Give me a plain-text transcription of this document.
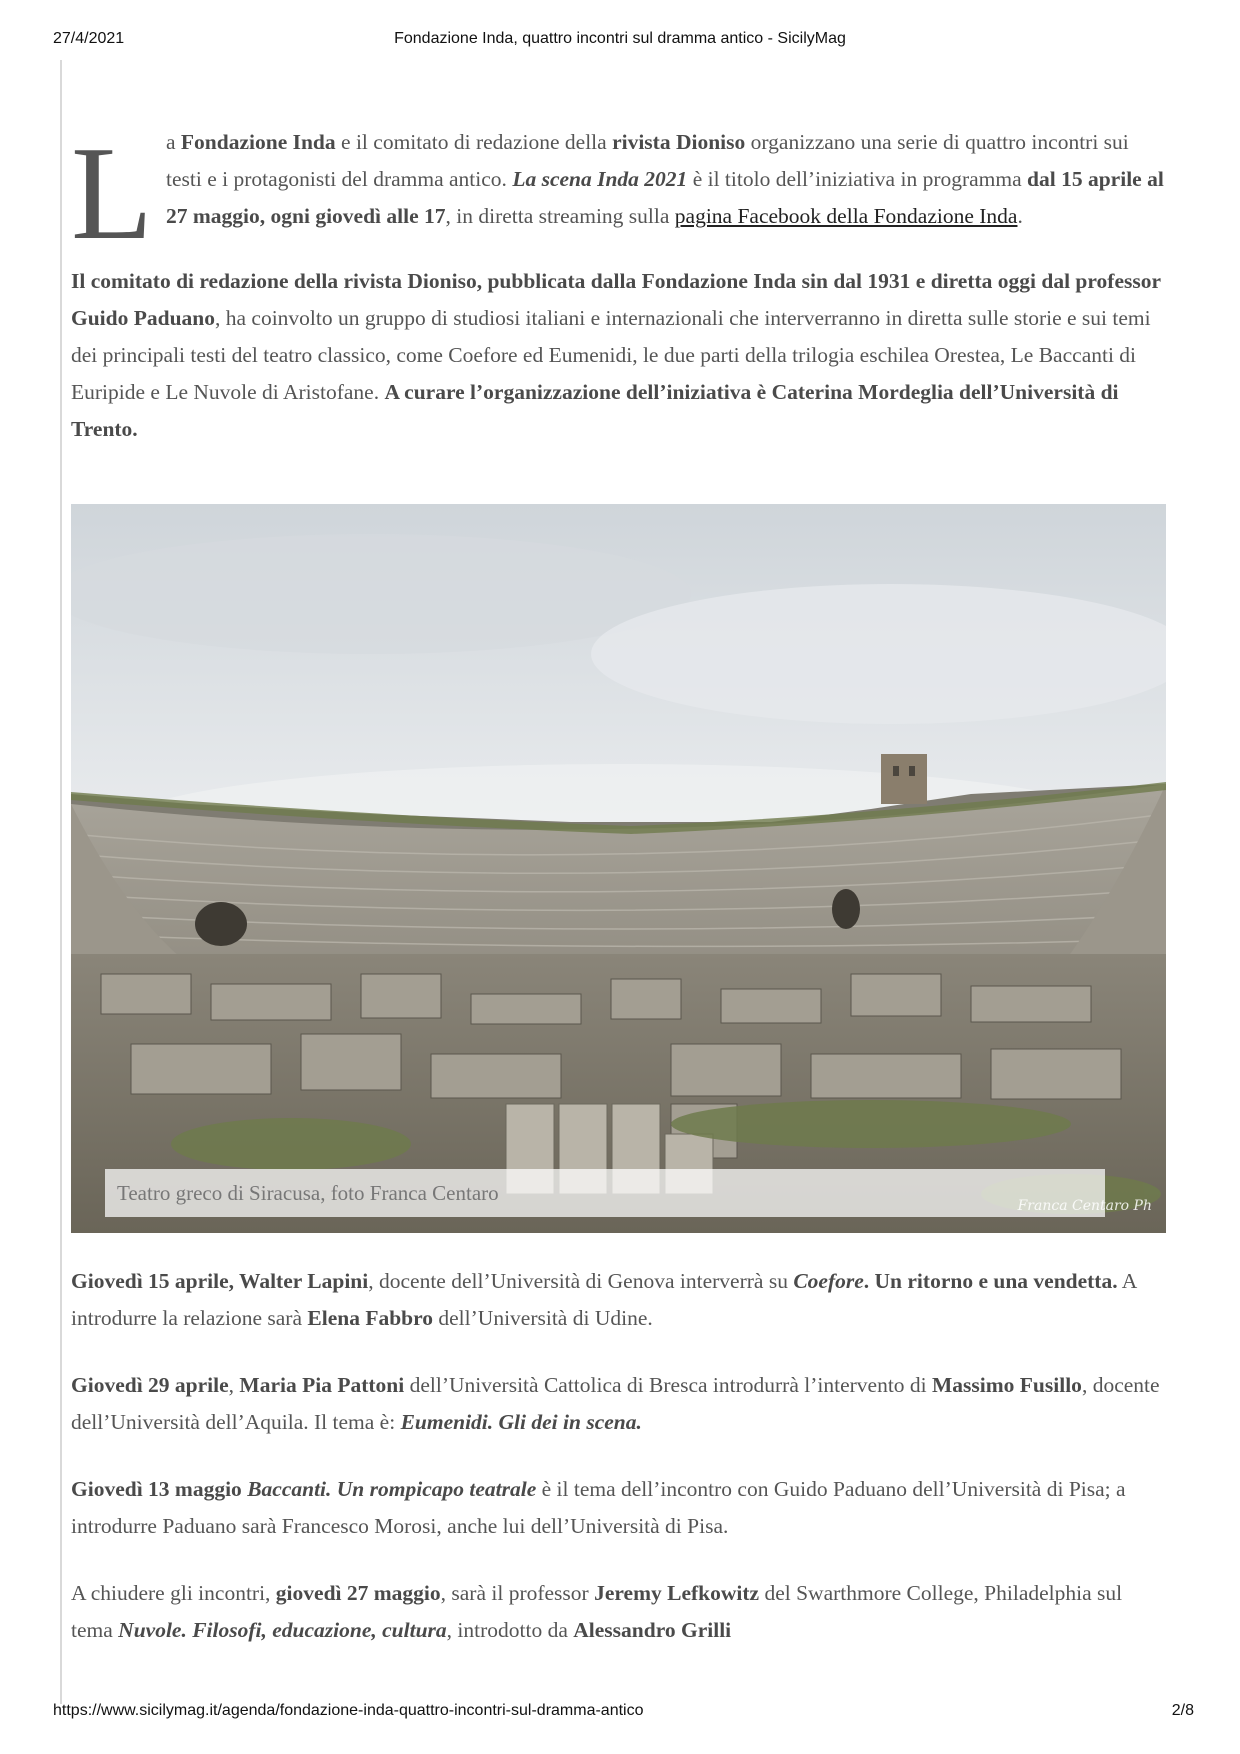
27/4/2021	Fondazione Inda, quattro incontri sul dramma antico - SicilyMag
L a Fondazione Inda e il comitato di redazione della rivista Dioniso organizzano una serie di quattro incontri sui testi e i protagonisti del dramma antico. La scena Inda 2021 è il titolo dell’iniziativa in programma dal 15 aprile al 27 maggio, ogni giovedì alle 17, in diretta streaming sulla pagina Facebook della Fondazione Inda.

Il comitato di redazione della rivista Dioniso, pubblicata dalla Fondazione Inda sin dal 1931 e diretta oggi dal professor Guido Paduano, ha coinvolto un gruppo di studiosi italiani e internazionali che interverranno in diretta sulle storie e sui temi dei principali testi del teatro classico, come Coefore ed Eumenidi, le due parti della trilogia eschilea Orestea, Le Baccanti di Euripide e Le Nuvole di Aristofane. A curare l’organizzazione dell’iniziativa è Caterina Mordeglia dell’Università di Trento.

Teatro greco di Siracusa, foto Franca Centaro
Franca Centaro Ph

Giovedì 15 aprile, Walter Lapini, docente dell’Università di Genova interverrà su Coefore. Un ritorno e una vendetta. A introdurre la relazione sarà Elena Fabbro dell’Università di Udine.

Giovedì 29 aprile, Maria Pia Pattoni dell’Università Cattolica di Bresca introdurrà l’intervento di Massimo Fusillo, docente dell’Università dell’Aquila. Il tema è: Eumenidi. Gli dei in scena.

Giovedì 13 maggio Baccanti. Un rompicapo teatrale è il tema dell’incontro con Guido Paduano dell’Università di Pisa; a introdurre Paduano sarà Francesco Morosi, anche lui dell’Università di Pisa.

A chiudere gli incontri, giovedì 27 maggio, sarà il professor Jeremy Lefkowitz del Swarthmore College, Philadelphia sul tema Nuvole. Filosofi, educazione, cultura, introdotto da Alessandro Grilli

https://www.sicilymag.it/agenda/fondazione-inda-quattro-incontri-sul-dramma-antico	2/8
